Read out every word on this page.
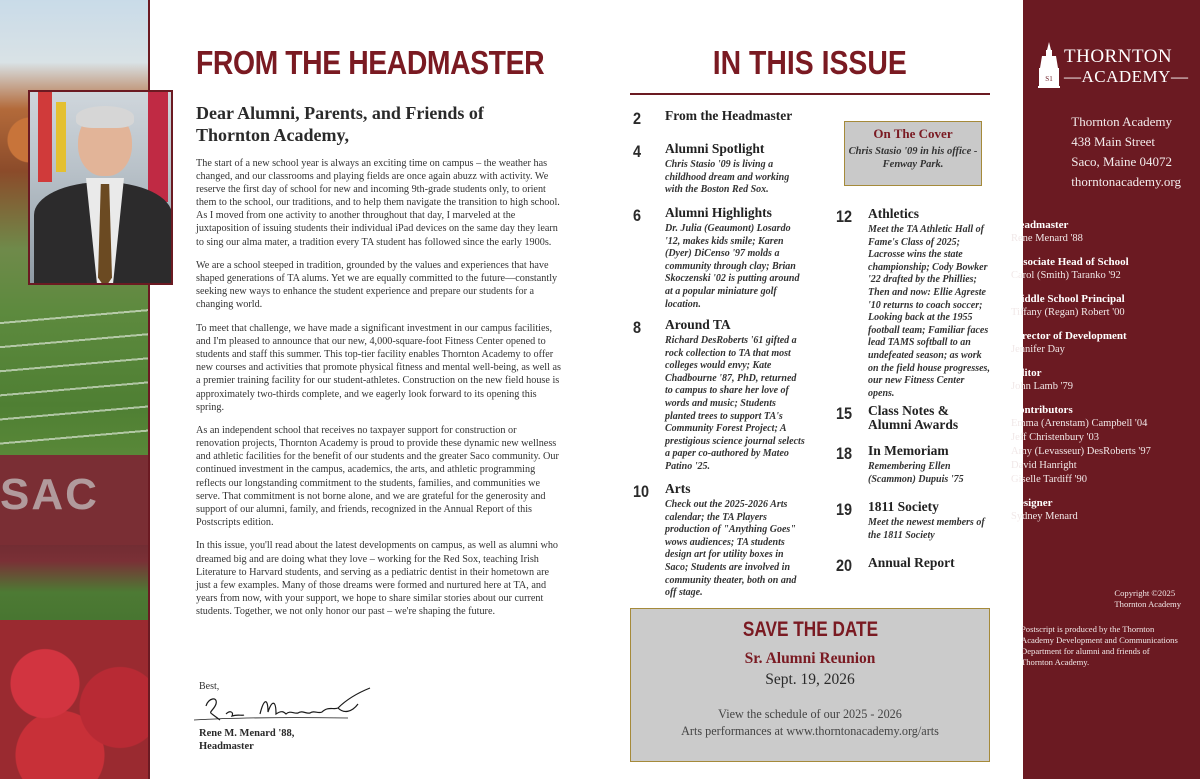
SAC
FROM THE HEADMASTER
Dear Alumni, Parents, and Friends of Thornton Academy,

The start of a new school year is always an exciting time on campus – the weather has changed, and our classrooms and playing fields are once again abuzz with activity. We reserve the first day of school for new and incoming 9th-grade students only, to orient them to the school, our traditions, and to help them navigate the transition to high school. As I moved from one activity to another throughout that day, I marveled at the juxtaposition of issuing students their individual iPad devices on the same day they learn to sing our alma mater, a tradition every TA student has followed since the early 1900s.

We are a school steeped in tradition, grounded by the values and experiences that have shaped generations of TA alums. Yet we are equally committed to the future—constantly seeking new ways to enhance the student experience and prepare our students for a changing world.

To meet that challenge, we have made a significant investment in our campus facilities, and I'm pleased to announce that our new, 4,000-square-foot Fitness Center opened to students and staff this summer. This top-tier facility enables Thornton Academy to offer new courses and activities that promote physical fitness and mental well-being, as well as a premier training facility for our student-athletes. Construction on the new field house is approximately two-thirds complete, and we eagerly look forward to its opening this spring.

As an independent school that receives no taxpayer support for construction or renovation projects, Thornton Academy is proud to provide these dynamic new wellness and athletic facilities for the benefit of our students and the greater Saco community. Our continued investment in the campus, academics, the arts, and athletic programming reflects our longstanding commitment to the students, families, and communities we serve. That commitment is not borne alone, and we are grateful for the generosity and support of our alumni, family, and friends, recognized in the Annual Report of this Postscripts edition.

In this issue, you'll read about the latest developments on campus, as well as alumni who dreamed big and are doing what they love – working for the Red Sox, teaching Irish Literature to Harvard students, and serving as a pediatric dentist in their hometown are just a few examples. Many of those dreams were formed and nurtured here at TA, and years from now, with your support, we hope to share similar stories about our current students. Together, we not only honor our past – we're shaping the future.

Best,
Rene M. Menard '88,
Headmaster
IN THIS ISSUE
2	From the Headmaster
4	Alumni Spotlight
Chris Stasio '09 is living a childhood dream and working with the Boston Red Sox.
6	Alumni Highlights
Dr. Julia (Geaumont) Losardo '12, makes kids smile; Karen (Dyer) DiCenso '97 molds a community through clay; Brian Skoczenski '02 is putting around at a popular miniature golf location.
8	Around TA
Richard DesRoberts '61 gifted a rock collection to TA that most colleges would envy; Kate Chadbourne '87, PhD, returned to campus to share her love of words and music; Students planted trees to support TA's Community Forest Project; A prestigious science journal selects a paper co-authored by Mateo Patino '25.
10	Arts
Check out the 2025-2026 Arts calendar; the TA Players production of "Anything Goes" wows audiences; TA students design art for utility boxes in Saco; Students are involved in community theater, both on and off stage.
On The Cover
Chris Stasio '09 in his office - Fenway Park.
12	Athletics
Meet the TA Athletic Hall of Fame's Class of 2025; Lacrosse wins the state championship; Cody Bowker '22 drafted by the Phillies; Then and now: Ellie Agreste '10 returns to coach soccer; Looking back at the 1955 football team; Familiar faces lead TAMS softball to an undefeated season; as work on the field house progresses, our new Fitness Center opens.
15	Class Notes & Alumni Awards
18	In Memoriam
Remembering Ellen (Scammon) Dupuis '75
19	1811 Society
Meet the newest members of the 1811 Society
20	Annual Report
SAVE THE DATE
Sr. Alumni Reunion
Sept. 19, 2026
View the schedule of our 2025 - 2026
Arts performances at www.thorntonacademy.org/arts
S1
THORNTON
—ACADEMY—
Thornton Academy
438 Main Street
Saco, Maine 04072
thorntonacademy.org
Headmaster
Rene Menard '88
Associate Head of School
Carol (Smith) Taranko '92
Middle School Principal
Tiffany (Regan) Robert '00
Director of Development
Jennifer Day
Editor
John Lamb '79
Contributors
Emma (Arenstam) Campbell '04
Jeff Christenbury '03
Amy (Levasseur) DesRoberts '97
David Hanright
Giselle Tardiff '90
Designer
Sydney Menard
Copyright ©2025
Thornton Academy
Postscript is produced by the Thornton Academy Development and Communications Department for alumni and friends of Thornton Academy.
